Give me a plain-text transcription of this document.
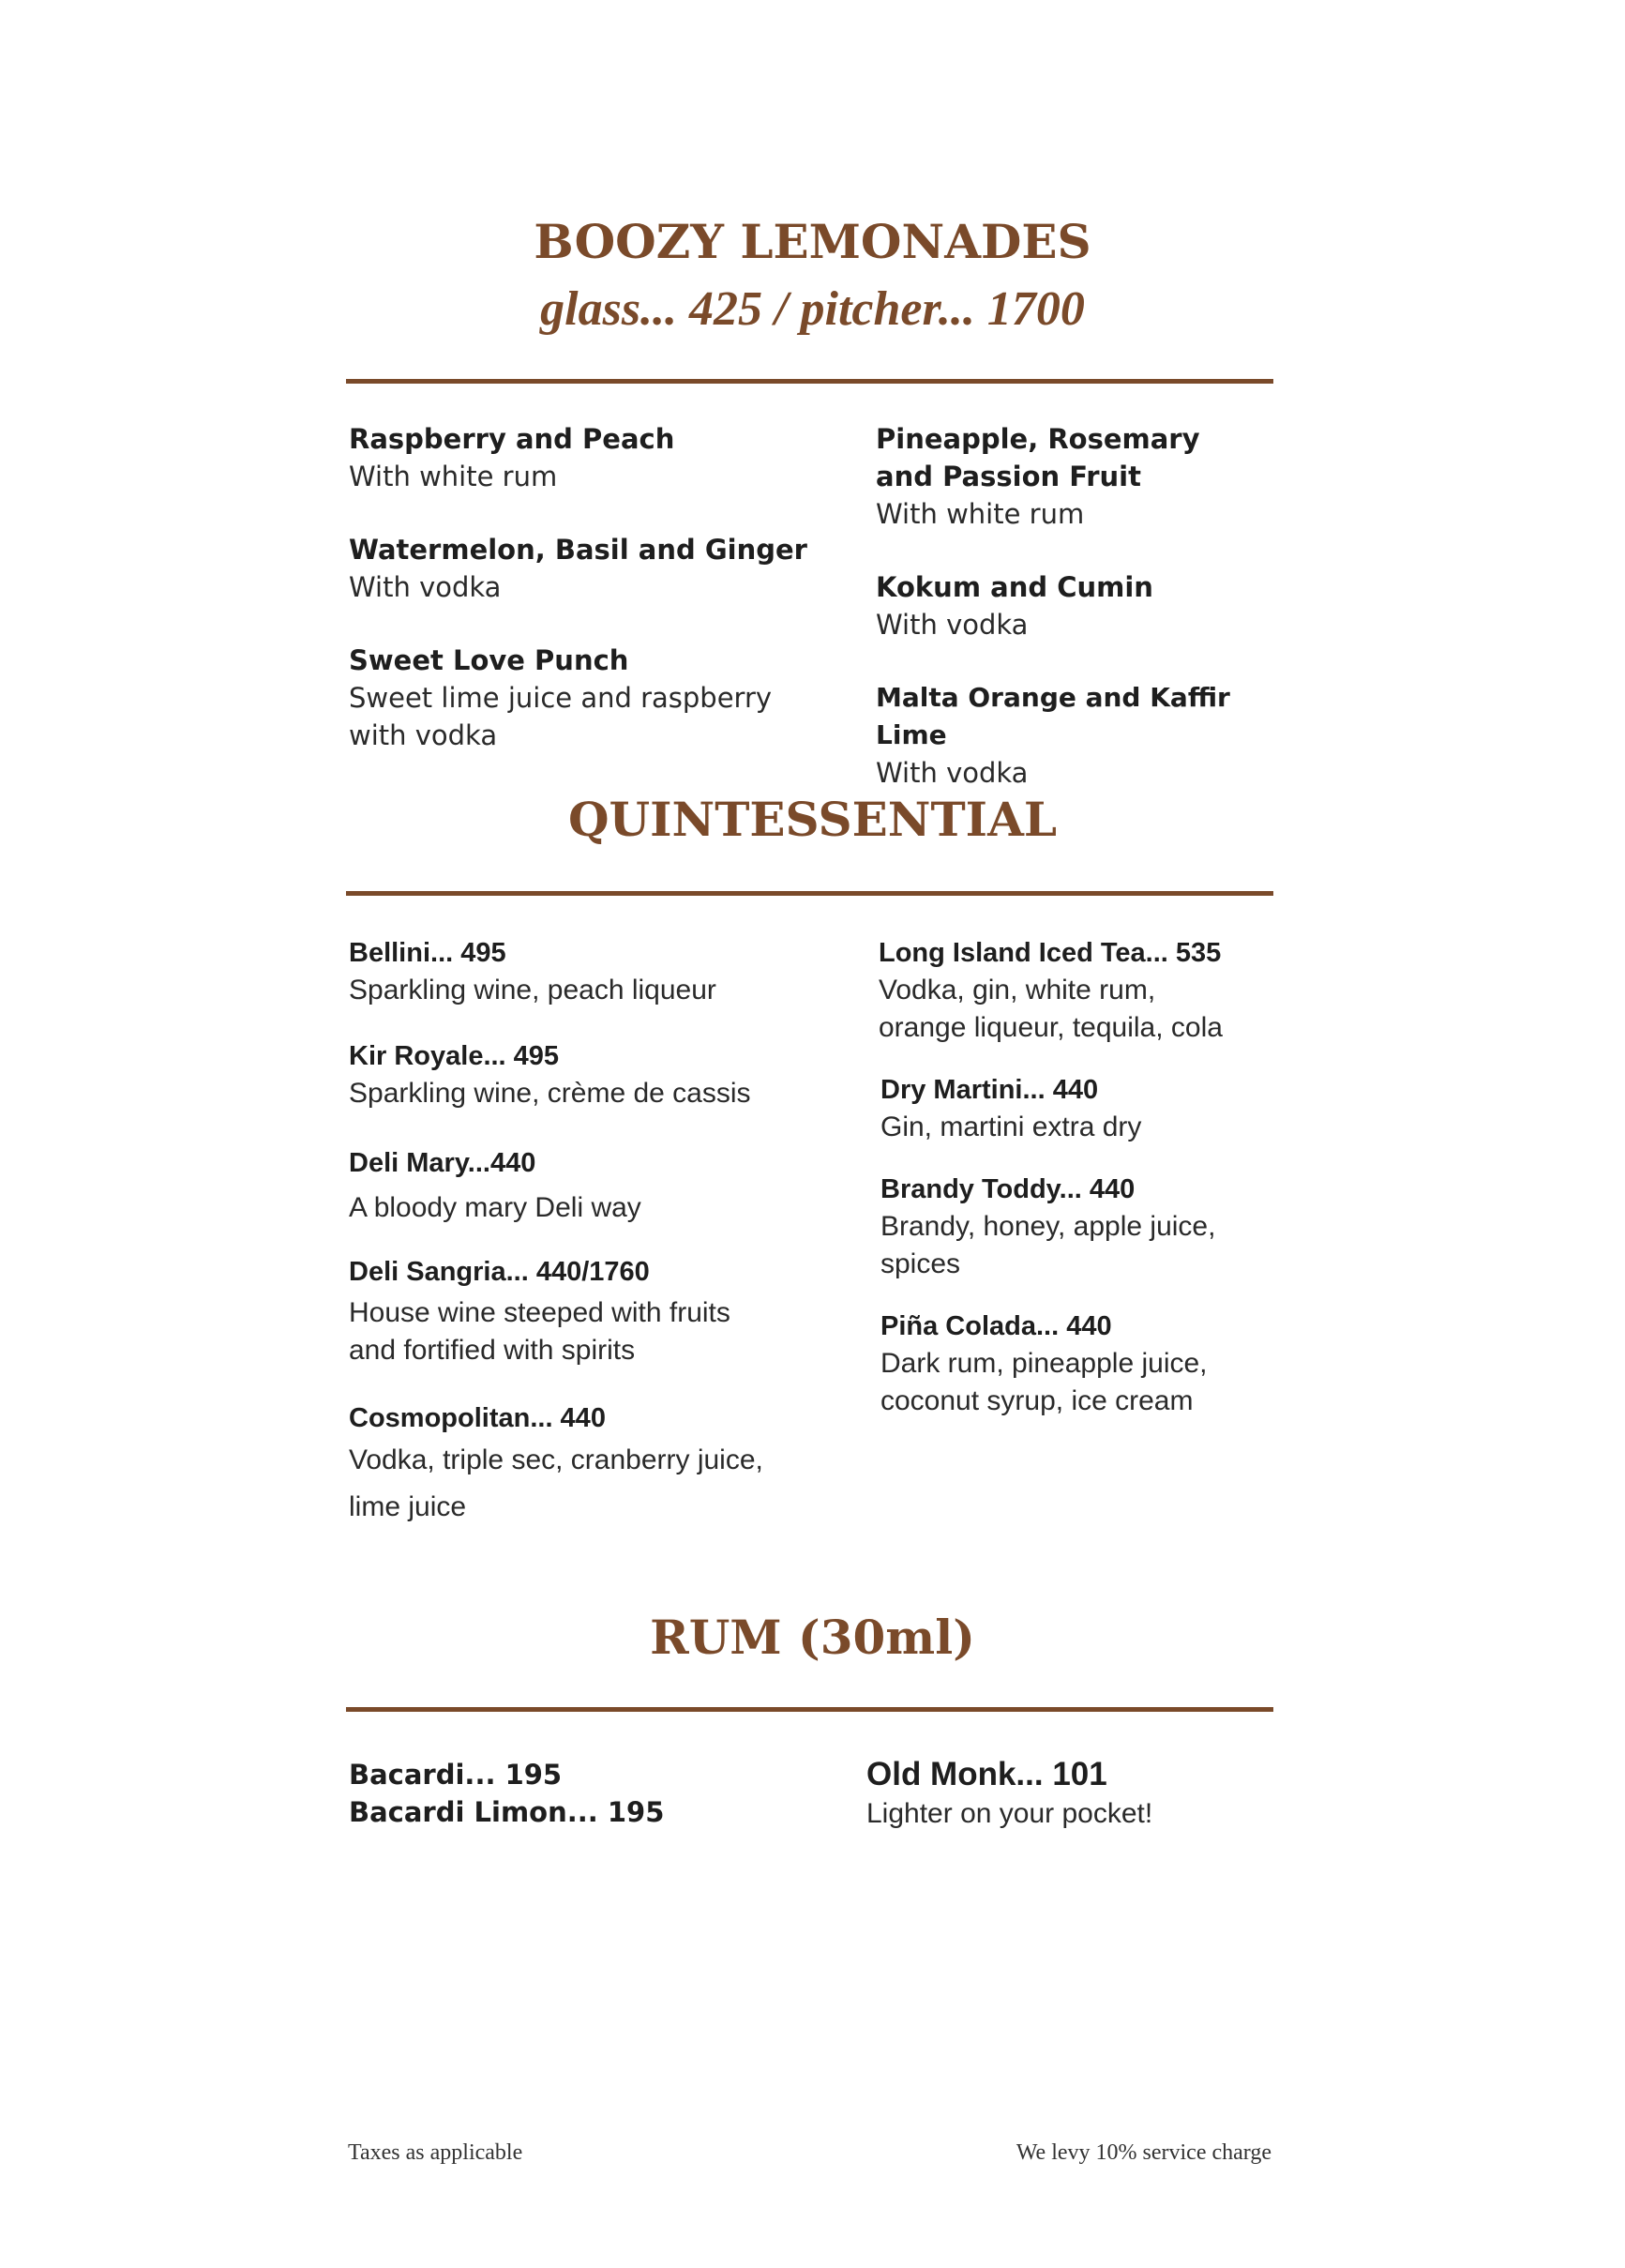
BOOZY LEMONADES
glass... 425 / pitcher... 1700
Raspberry and Peach
With white rum
Watermelon, Basil and Ginger
With vodka
Sweet Love Punch
Sweet lime juice and raspberry
with vodka
Pineapple, Rosemary
and Passion Fruit
With white rum
Kokum and Cumin
With vodka
Malta Orange and Kaffir Lime
With vodka
QUINTESSENTIAL
Bellini... 495
Sparkling wine, peach liqueur
Kir Royale... 495
Sparkling wine, crème de cassis
Deli Mary...440
A bloody mary Deli way
Deli Sangria... 440/1760
House wine steeped with fruits
and fortified with spirits
Cosmopolitan... 440
Vodka, triple sec, cranberry juice,
lime juice
Long Island Iced Tea... 535
Vodka, gin, white rum,
orange liqueur, tequila, cola
Dry Martini... 440
Gin, martini extra dry
Brandy Toddy... 440
Brandy, honey, apple juice,
spices
Piña Colada... 440
Dark rum, pineapple juice,
coconut syrup, ice cream
RUM (30ml)
Bacardi... 195
Bacardi Limon... 195
Old Monk... 101
Lighter on your pocket!
Taxes as applicable	We levy 10% service charge
